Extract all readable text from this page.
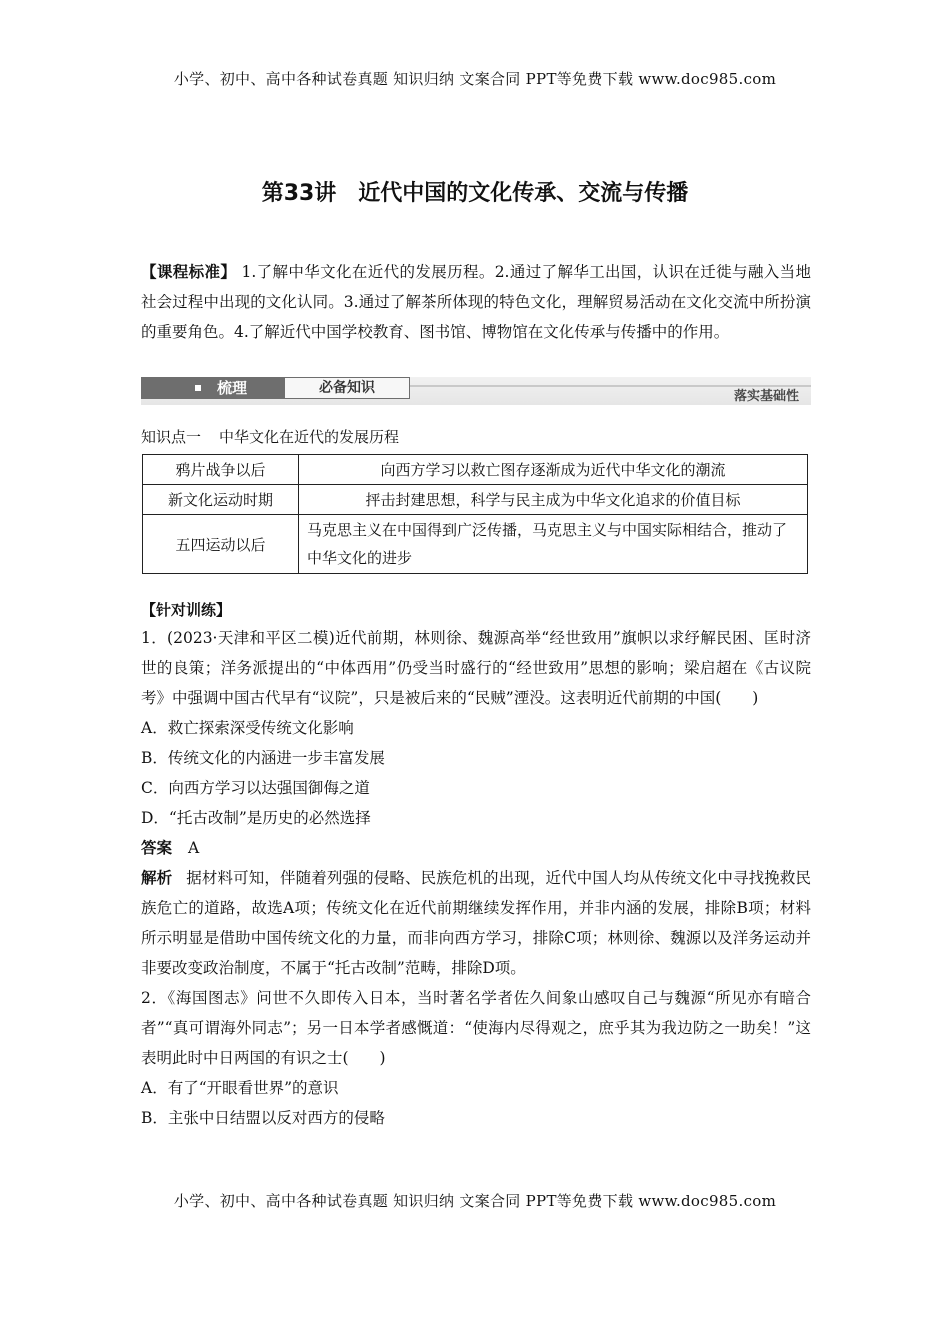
小学、初中、高中各种试卷真题 知识归纳 文案合同 PPT等免费下载 www.doc985.com
第33讲　近代中国的文化传承、交流与传播
【课程标准】 1.了解中华文化在近代的发展历程。2.通过了解华工出国，认识在迁徙与融入当地社会过程中出现的文化认同。3.通过了解茶所体现的特色文化，理解贸易活动在文化交流中所扮演的重要角色。4.了解近代中国学校教育、图书馆、博物馆在文化传承与传播中的作用。
梳理	必备知识
落实基础性
知识点一 中华文化在近代的发展历程
鸦片战争以后	向西方学习以救亡图存逐渐成为近代中华文化的潮流
新文化运动时期	抨击封建思想，科学与民主成为中华文化追求的价值目标
五四运动以后	马克思主义在中国得到广泛传播，马克思主义与中国实际相结合，推动了中华文化的进步
【针对训练】
1．(2023·天津和平区二模)近代前期，林则徐、魏源高举“经世致用”旗帜以求纾解民困、匡时济世的良策；洋务派提出的“中体西用”仍受当时盛行的“经世致用”思想的影响；梁启超在《古议院考》中强调中国古代早有“议院”，只是被后来的“民贼”湮没。这表明近代前期的中国(　　)
A．救亡探索深受传统文化影响
B．传统文化的内涵进一步丰富发展
C．向西方学习以达强国御侮之道
D．“托古改制”是历史的必然选择
答案 A
解析 据材料可知，伴随着列强的侵略、民族危机的出现，近代中国人均从传统文化中寻找挽救民族危亡的道路，故选A项；传统文化在近代前期继续发挥作用，并非内涵的发展，排除B项；材料所示明显是借助中国传统文化的力量，而非向西方学习，排除C项；林则徐、魏源以及洋务运动并非要改变政治制度，不属于“托古改制”范畴，排除D项。
2．《海国图志》问世不久即传入日本，当时著名学者佐久间象山感叹自己与魏源“所见亦有暗合者”“真可谓海外同志”；另一日本学者感慨道：“使海内尽得观之，庶乎其为我边防之一助矣！”这表明此时中日两国的有识之士(　　)
A．有了“开眼看世界”的意识
B．主张中日结盟以反对西方的侵略
小学、初中、高中各种试卷真题 知识归纳 文案合同 PPT等免费下载 www.doc985.com
